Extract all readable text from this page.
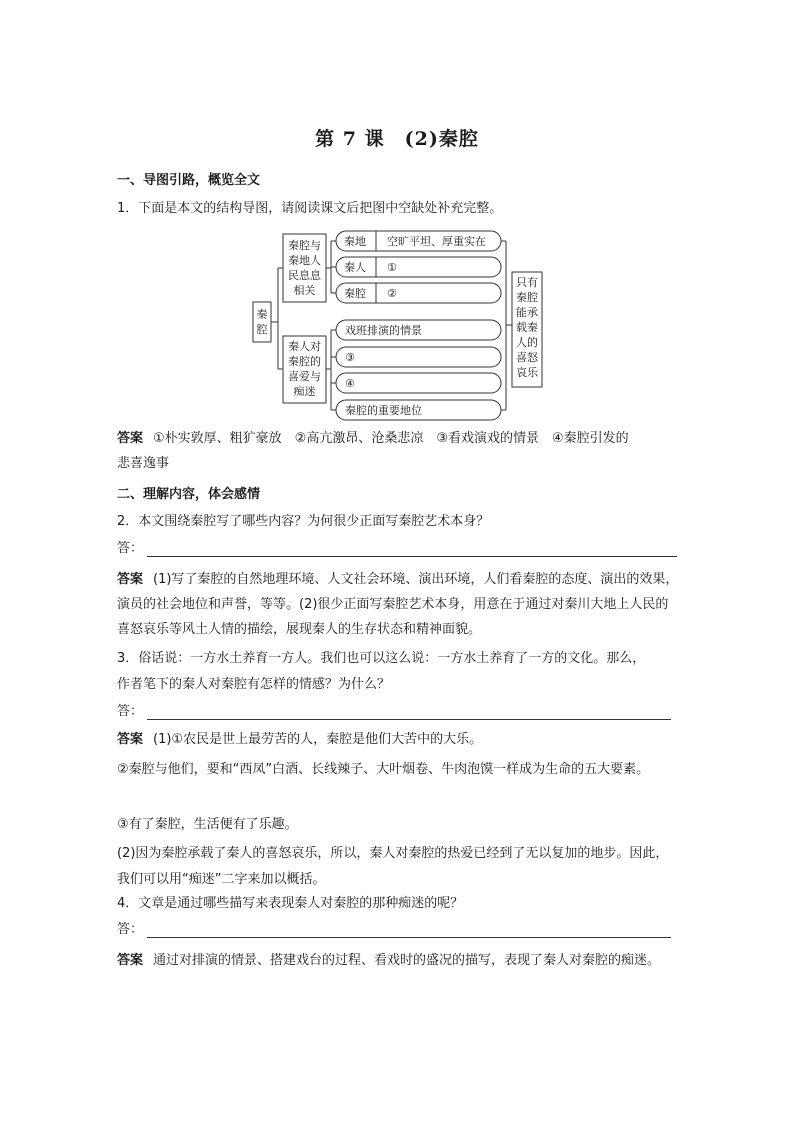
第 7 课　(2)秦腔
一、导图引路，概览全文
1．下面是本文的结构导图，请阅读课文后把图中空缺处补充完整。
秦
腔
秦腔与
秦地人
民息息
相关
秦人对
秦腔的
喜爱与
痴迷
秦地 空旷平坦、厚重实在
秦人 ①
秦腔 ②
戏班排演的情景
③
④
秦腔的重要地位
只有
秦腔
能承
载秦
人的
喜怒
哀乐
答案 ①朴实敦厚、粗犷豪放　②高亢激昂、沧桑悲凉　③看戏演戏的情景　④秦腔引发的
悲喜逸事
二、理解内容，体会感情
2．本文围绕秦腔写了哪些内容？为何很少正面写秦腔艺术本身？
答：
答案 (1)写了秦腔的自然地理环境、人文社会环境、演出环境，人们看秦腔的态度、演出的效果，演员的社会地位和声誉，等等。(2)很少正面写秦腔艺术本身，用意在于通过对秦川大地上人民的喜怒哀乐等风土人情的描绘，展现秦人的生存状态和精神面貌。
3．俗话说：一方水土养育一方人。我们也可以这么说：一方水土养育了一方的文化。那么，
作者笔下的秦人对秦腔有怎样的情感？为什么？
答：
答案 (1)①农民是世上最劳苦的人，秦腔是他们大苦中的大乐。
②秦腔与他们，要和“西凤”白酒、长线辣子、大叶烟卷、牛肉泡馍一样成为生命的五大要素。
③有了秦腔，生活便有了乐趣。
(2)因为秦腔承载了秦人的喜怒哀乐，所以，秦人对秦腔的热爱已经到了无以复加的地步。因此，我们可以用“痴迷”二字来加以概括。
4．文章是通过哪些描写来表现秦人对秦腔的那种痴迷的呢？
答：
答案 通过对排演的情景、搭建戏台的过程、看戏时的盛况的描写，表现了秦人对秦腔的痴迷。
